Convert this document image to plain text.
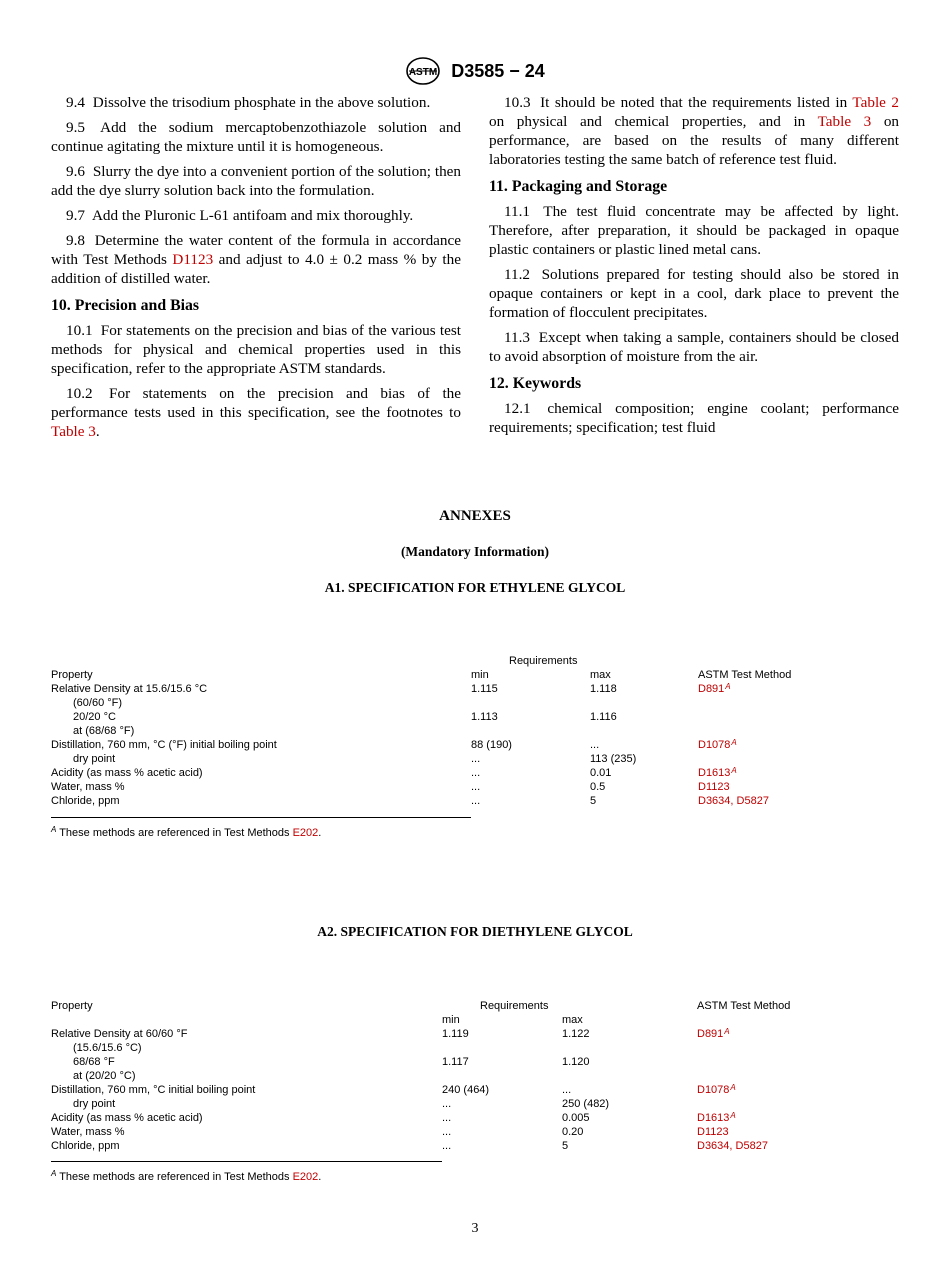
ASTM D3585 − 24

9.4 Dissolve the trisodium phosphate in the above solution.

9.5 Add the sodium mercaptobenzothiazole solution and continue agitating the mixture until it is homogeneous.

9.6 Slurry the dye into a convenient portion of the solution; then add the dye slurry solution back into the formulation.

9.7 Add the Pluronic L-61 antifoam and mix thoroughly.

9.8 Determine the water content of the formula in accordance with Test Methods D1123 and adjust to 4.0 ± 0.2 mass % by the addition of distilled water.

10. Precision and Bias

10.1 For statements on the precision and bias of the various test methods for physical and chemical properties used in this specification, refer to the appropriate ASTM standards.

10.2 For statements on the precision and bias of the performance tests used in this specification, see the footnotes to Table 3.

10.3 It should be noted that the requirements listed in Table 2 on physical and chemical properties, and in Table 3 on performance, are based on the results of many different laboratories testing the same batch of reference test fluid.

11. Packaging and Storage

11.1 The test fluid concentrate may be affected by light. Therefore, after preparation, it should be packaged in opaque plastic containers or plastic lined metal cans.

11.2 Solutions prepared for testing should also be stored in opaque containers or kept in a cool, dark place to prevent the formation of flocculent precipitates.

11.3 Except when taking a sample, containers should be closed to avoid absorption of moisture from the air.

12. Keywords

12.1 chemical composition; engine coolant; performance requirements; specification; test fluid

ANNEXES
(Mandatory Information)
A1. SPECIFICATION FOR ETHYLENE GLYCOL
Requirements
Property	min	max	ASTM Test Method
Relative Density at 15.6/15.6 °C	1.115	1.118	D891 A
(60/60 °F)
20/20 °C	1.113	1.116
at (68/68 °F)
Distillation, 760 mm, °C (°F) initial boiling point	88 (190)	...	D1078 A
dry point	...	113 (235)
Acidity (as mass % acetic acid)	...	0.01	D1613 A
Water, mass %	...	0.5	D1123
Chloride, ppm	...	5	D3634, D5827
$^A$ These methods are referenced in Test Methods E202.
A2. SPECIFICATION FOR DIETHYLENE GLYCOL
Property	Requirements	ASTM Test Method
min	max
Relative Density at 60/60 °F	1.119	1.122	D891 A
(15.6/15.6 °C)
68/68 °F	1.117	1.120
at (20/20 °C)
Distillation, 760 mm, °C initial boiling point	240 (464)	...	D1078 A
dry point	...	250 (482)
Acidity (as mass % acetic acid)	...	0.005	D1613 A
Water, mass %	...	0.20	D1123
Chloride, ppm	...	5	D3634, D5827
$^A$ These methods are referenced in Test Methods E202.
3
